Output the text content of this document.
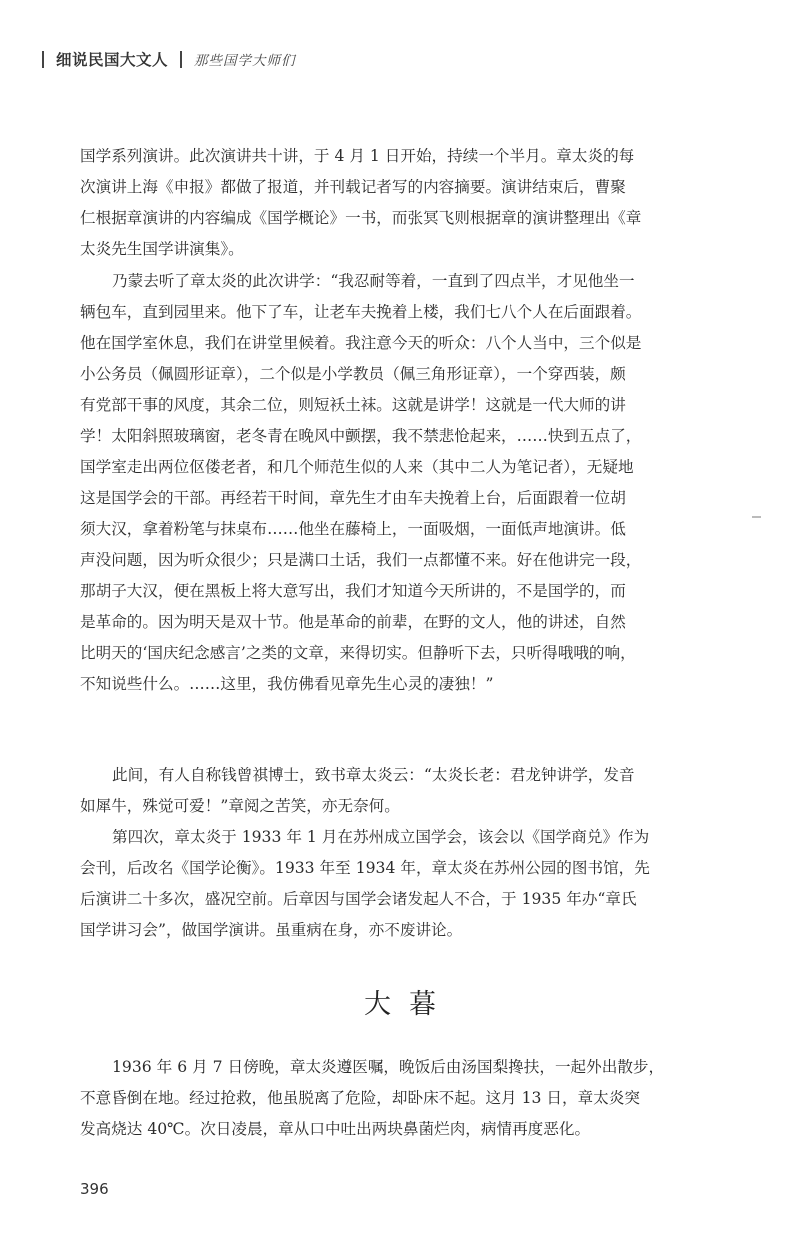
细说民国大文人 那些国学大师们
国学系列演讲。此次演讲共十讲，于 4 月 1 日开始，持续一个半月。章太炎的每
次演讲上海《申报》都做了报道，并刊载记者写的内容摘要。演讲结束后，曹聚
仁根据章演讲的内容编成《国学概论》一书，而张冥飞则根据章的演讲整理出《章
太炎先生国学讲演集》。
乃蒙去听了章太炎的此次讲学：“我忍耐等着，一直到了四点半，才见他坐一
辆包车，直到园里来。他下了车，让老车夫挽着上楼，我们七八个人在后面跟着。
他在国学室休息，我们在讲堂里候着。我注意今天的听众：八个人当中，三个似是
小公务员（佩圆形证章），二个似是小学教员（佩三角形证章），一个穿西装，颇
有党部干事的风度，其余二位，则短袄土袜。这就是讲学！这就是一代大师的讲
学！太阳斜照玻璃窗，老冬青在晚风中颤摆，我不禁悲怆起来，……快到五点了，
国学室走出两位伛偻老者，和几个师范生似的人来（其中二人为笔记者），无疑地
这是国学会的干部。再经若干时间，章先生才由车夫挽着上台，后面跟着一位胡
须大汉，拿着粉笔与抹桌布……他坐在藤椅上，一面吸烟，一面低声地演讲。低
声没问题，因为听众很少；只是满口土话，我们一点都懂不来。好在他讲完一段，
那胡子大汉，便在黑板上将大意写出，我们才知道今天所讲的，不是国学的，而
是革命的。因为明天是双十节。他是革命的前辈，在野的文人，他的讲述，自然
比明天的‘国庆纪念感言’之类的文章，来得切实。但静听下去，只听得哦哦的响，
不知说些什么。……这里，我仿佛看见章先生心灵的凄独！”
此间，有人自称钱曾祺博士，致书章太炎云：“太炎长老：君龙钟讲学，发音
如犀牛，殊觉可爱！”章阅之苦笑，亦无奈何。
第四次，章太炎于 1933 年 1 月在苏州成立国学会，该会以《国学商兑》作为
会刊，后改名《国学论衡》。1933 年至 1934 年，章太炎在苏州公园的图书馆，先
后演讲二十多次，盛况空前。后章因与国学会诸发起人不合，于 1935 年办“章氏
国学讲习会”，做国学演讲。虽重病在身，亦不废讲论。
大暮
1936 年 6 月 7 日傍晚，章太炎遵医嘱，晚饭后由汤国梨搀扶，一起外出散步，
不意昏倒在地。经过抢救，他虽脱离了危险，却卧床不起。这月 13 日，章太炎突
发高烧达 40℃。次日凌晨，章从口中吐出两块鼻菌烂肉，病情再度恶化。
396
